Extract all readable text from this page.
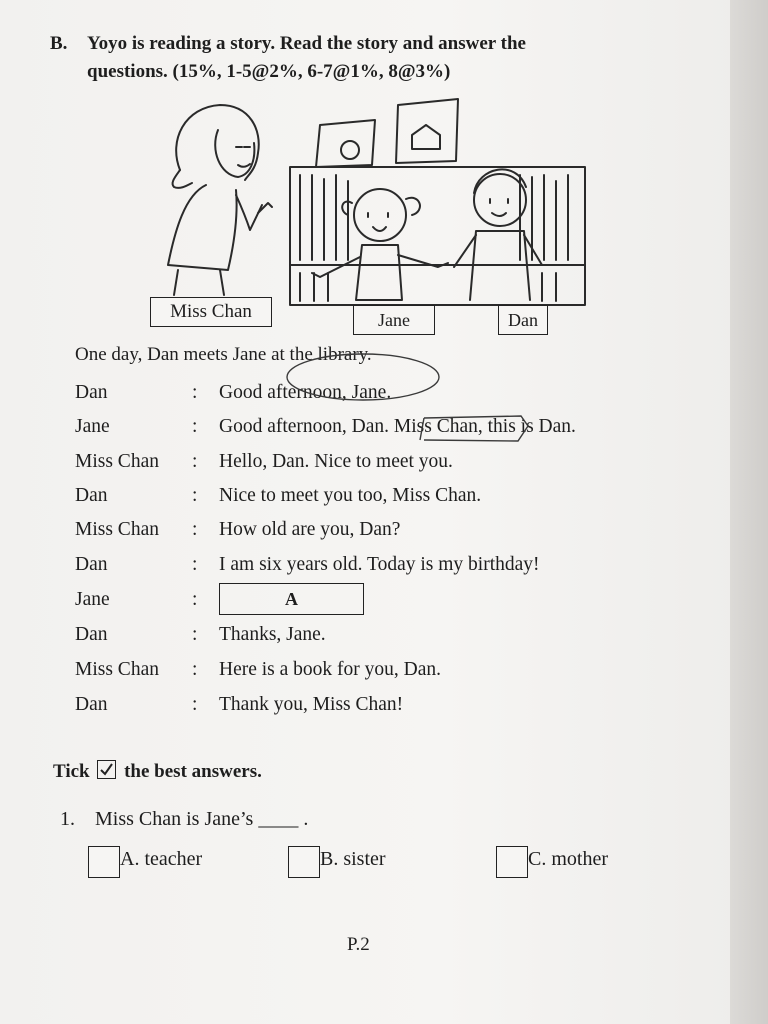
B. Yoyo is reading a story. Read the story and answer the
questions. (15%, 1-5@2%, 6-7@1%, 8@3%)
Miss Chan	Jane	Dan
One day, Dan meets Jane at the library.
Dan	: Good afternoon, Jane.
Jane	: Good afternoon, Dan. Miss Chan, this is Dan.
Miss Chan : Hello, Dan. Nice to meet you.
Dan	: Nice to meet you too, Miss Chan.
Miss Chan : How old are you, Dan?
Dan	: I am six years old. Today is my birthday!
Jane	:	A
Dan	: Thanks, Jane.
Miss Chan : Here is a book for you, Dan.
Dan	: Thank you, Miss Chan!
Tick the best answers.
1. Miss Chan is Jane’s ____ .
A. teacher	B. sister	C. mother
P.2
